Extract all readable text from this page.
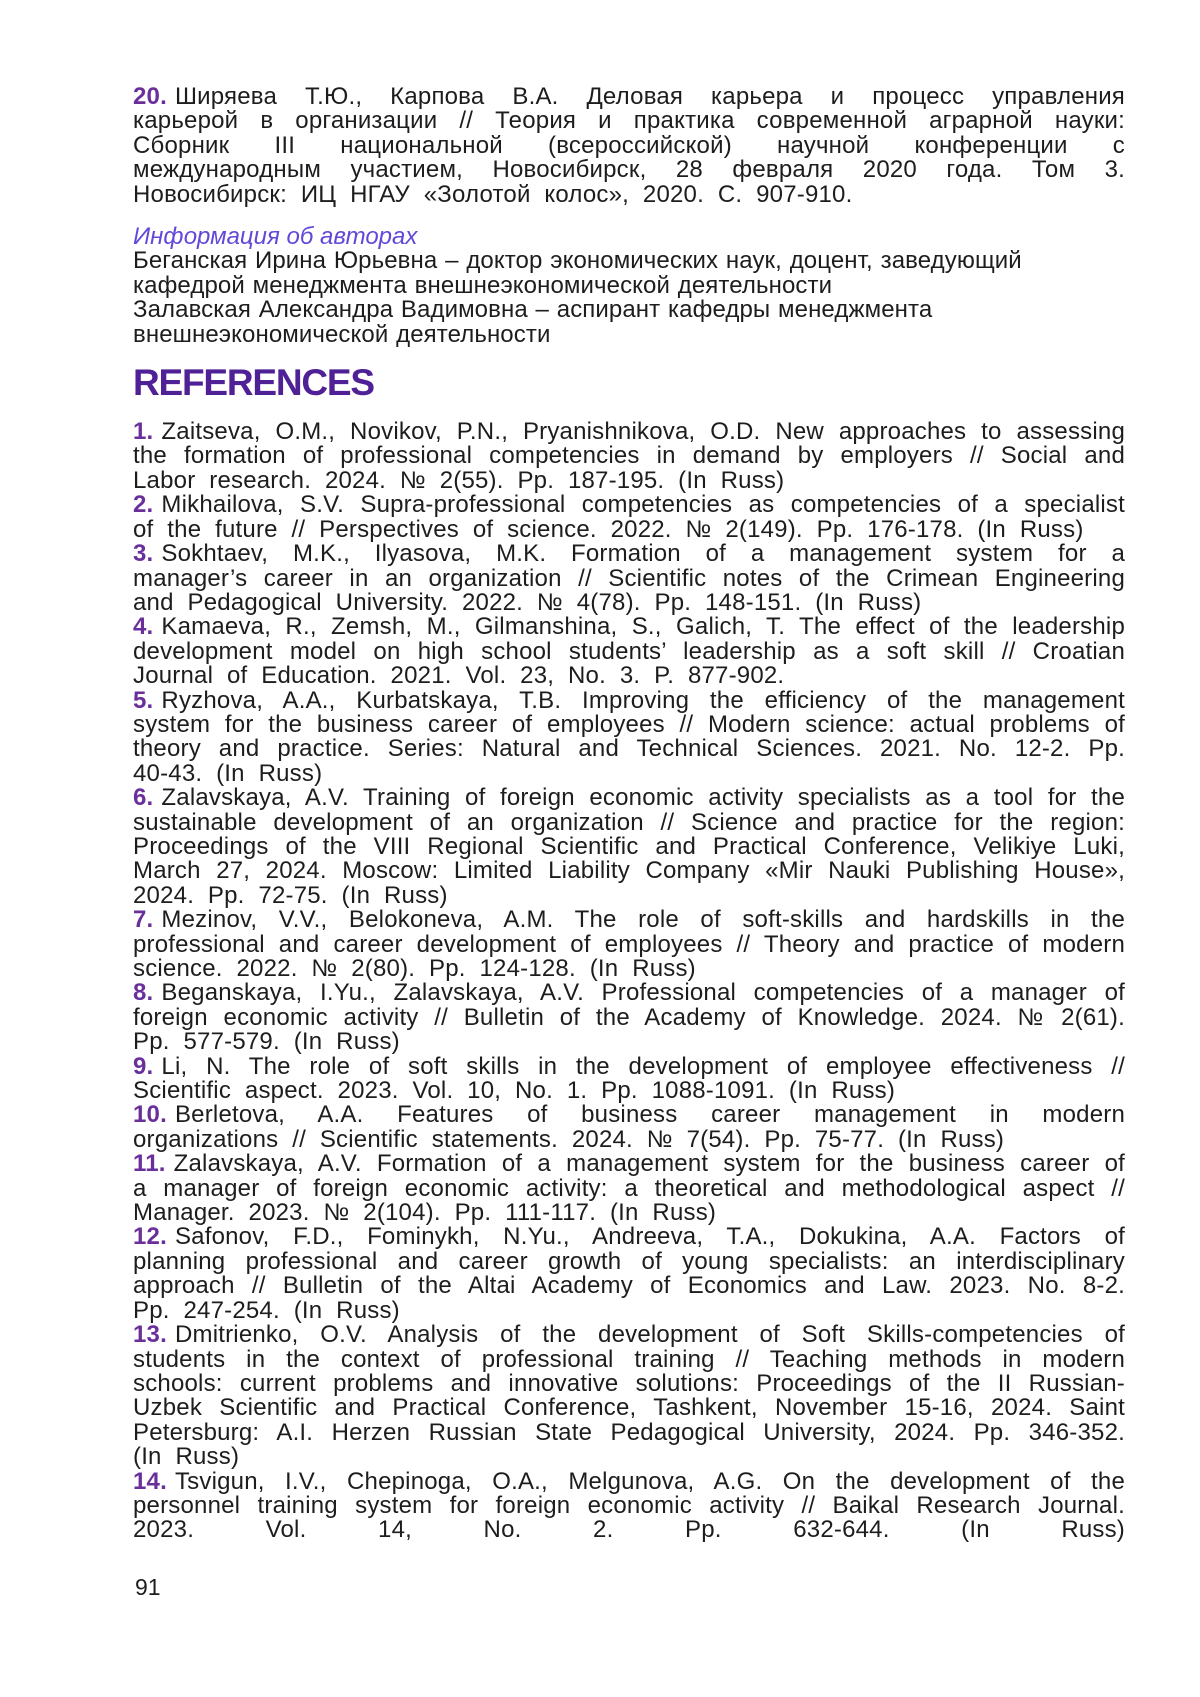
20. Ширяева Т.Ю., Карпова В.А. Деловая карьера и процесс управления карьерой в организации // Теория и практика современной аграрной науки: Сборник III национальной (всероссийской) научной конференции с международным участием, Новосибирск, 28 февраля 2020 года. Том 3. Новосибирск: ИЦ НГАУ «Золотой колос», 2020. С. 907-910.

Информация об авторах

Беганская Ирина Юрьевна – доктор экономических наук, доцент, заведующий кафедрой менеджмента внешнеэкономической деятельности

Залавская Александра Вадимовна – аспирант кафедры менеджмента внешнеэкономической деятельности

REFERENCES

1. Zaitseva, O.M., Novikov, P.N., Pryanishnikova, O.D. New approaches to assessing the formation of professional competencies in demand by employers // Social and Labor research. 2024. № 2(55). Pp. 187-195. (In Russ)

2. Mikhailova, S.V. Supra-professional competencies as competencies of a specialist of the future // Perspectives of science. 2022. № 2(149). Pp. 176-178. (In Russ)

3. Sokhtaev, M.K., Ilyasova, M.K. Formation of a management system for a manager’s career in an organization // Scientific notes of the Crimean Engineering and Pedagogical University. 2022. № 4(78). Pp. 148-151. (In Russ)

4. Kamaeva, R., Zemsh, M., Gilmanshina, S., Galich, T. The effect of the leadership development model on high school students’ leadership as a soft skill // Croatian Journal of Education. 2021. Vol. 23, No. 3. P. 877-902.

5. Ryzhova, A.A., Kurbatskaya, T.B. Improving the efficiency of the management system for the business career of employees // Modern science: actual problems of theory and practice. Series: Natural and Technical Sciences. 2021. No. 12-2. Pp. 40-43. (In Russ)

6. Zalavskaya, A.V. Training of foreign economic activity specialists as a tool for the sustainable development of an organization // Science and practice for the region: Proceedings of the VIII Regional Scientific and Practical Conference, Velikiye Luki, March 27, 2024. Moscow: Limited Liability Company «Mir Nauki Publishing House», 2024. Pp. 72-75. (In Russ)

7. Mezinov, V.V., Belokoneva, A.M. The role of soft-skills and hardskills in the professional and career development of employees // Theory and practice of modern science. 2022. № 2(80). Pp. 124-128. (In Russ)

8. Beganskaya, I.Yu., Zalavskaya, A.V. Professional competencies of a manager of foreign economic activity // Bulletin of the Academy of Knowledge. 2024. № 2(61). Pp. 577-579. (In Russ)

9. Li, N. The role of soft skills in the development of employee effectiveness // Scientific aspect. 2023. Vol. 10, No. 1. Pp. 1088-1091. (In Russ)

10. Berletova, A.A. Features of business career management in modern organizations // Scientific statements. 2024. № 7(54). Pp. 75-77. (In Russ)

11. Zalavskaya, A.V. Formation of a management system for the business career of a manager of foreign economic activity: a theoretical and methodological aspect // Manager. 2023. № 2(104). Pp. 111-117. (In Russ)

12. Safonov, F.D., Fominykh, N.Yu., Andreeva, T.A., Dokukina, A.A. Factors of planning professional and career growth of young specialists: an interdisciplinary approach // Bulletin of the Altai Academy of Economics and Law. 2023. No. 8-2. Pp. 247-254. (In Russ)

13. Dmitrienko, O.V. Analysis of the development of Soft Skills-competencies of students in the context of professional training // Teaching methods in modern schools: current problems and innovative solutions: Proceedings of the II Russian-Uzbek Scientific and Practical Conference, Tashkent, November 15-16, 2024. Saint Petersburg: A.I. Herzen Russian State Pedagogical University, 2024. Pp. 346-352. (In Russ)

14. Tsvigun, I.V., Chepinoga, O.A., Melgunova, A.G. On the development of the personnel training system for foreign economic activity // Baikal Research Journal. 2023. Vol. 14, No. 2. Pp. 632-644. (In Russ)

91
